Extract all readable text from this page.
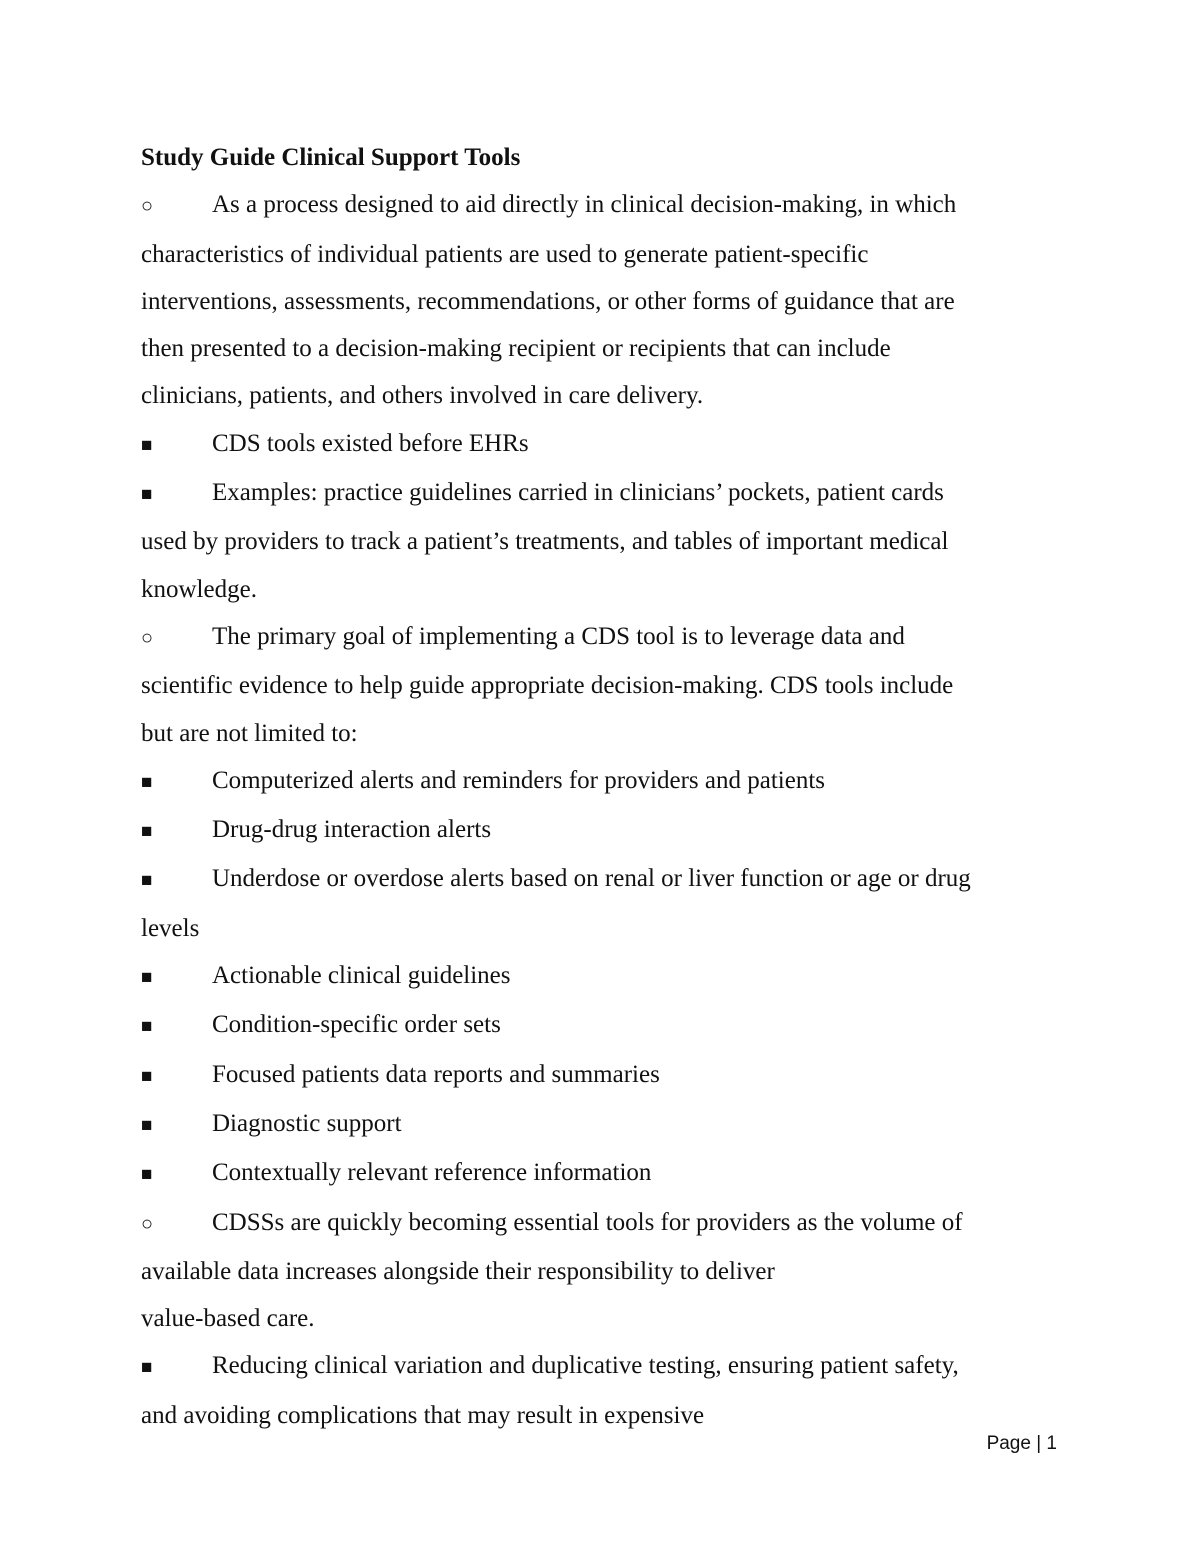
Study Guide Clinical Support Tools

○ As a process designed to aid directly in clinical decision-making, in which

characteristics of individual patients are used to generate patient-specific

interventions, assessments, recommendations, or other forms of guidance that are

then presented to a decision-making recipient or recipients that can include

clinicians, patients, and others involved in care delivery.

■ CDS tools existed before EHRs

■ Examples: practice guidelines carried in clinicians’ pockets, patient cards

used by providers to track a patient’s treatments, and tables of important medical

knowledge.

○ The primary goal of implementing a CDS tool is to leverage data and

scientific evidence to help guide appropriate decision-making. CDS tools include

but are not limited to:

■ Computerized alerts and reminders for providers and patients

■ Drug-drug interaction alerts

■ Underdose or overdose alerts based on renal or liver function or age or drug

levels

■ Actionable clinical guidelines

■ Condition-specific order sets

■ Focused patients data reports and summaries

■ Diagnostic support

■ Contextually relevant reference information

○ CDSSs are quickly becoming essential tools for providers as the volume of

available data increases alongside their responsibility to deliver

value-based care.

■ Reducing clinical variation and duplicative testing, ensuring patient safety,

and avoiding complications that may result in expensive

Page | 1
